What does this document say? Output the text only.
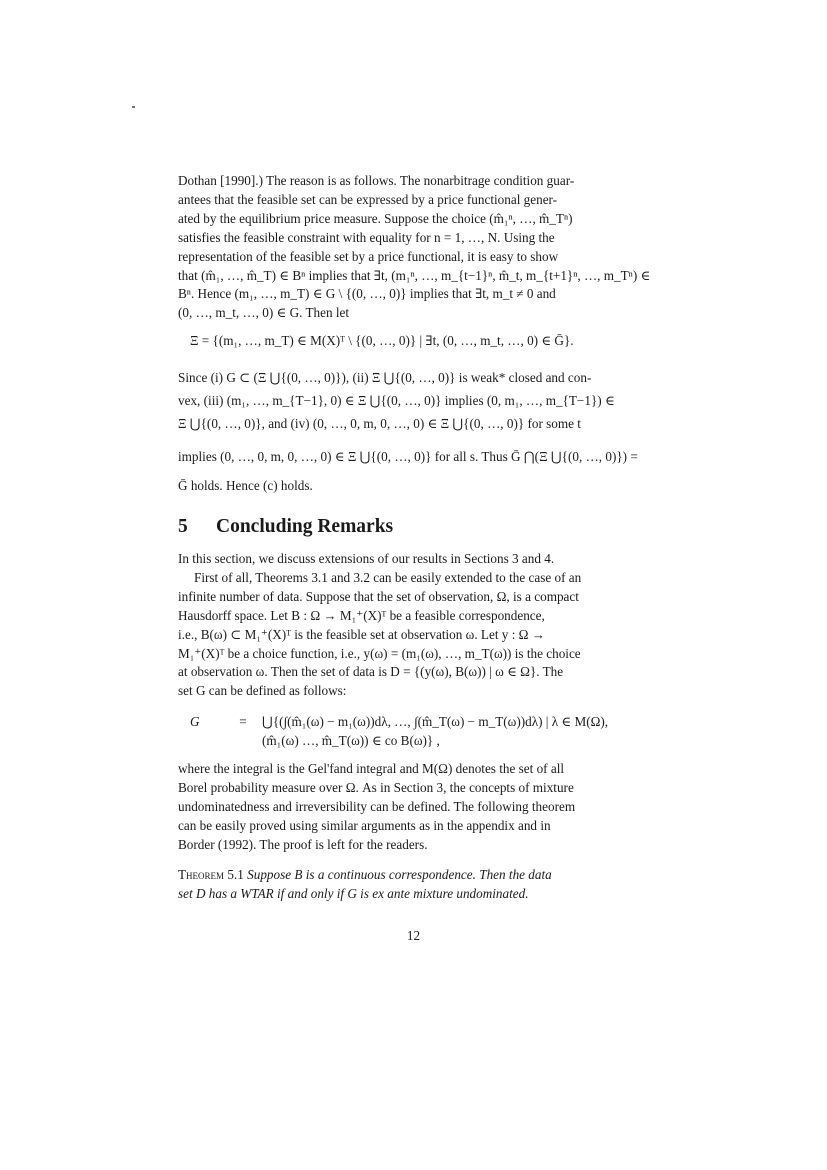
Dothan [1990].) The reason is as follows. The nonarbitrage condition guar-

antees that the feasible set can be expressed by a price functional gener-

ated by the equilibrium price measure. Suppose the choice (m̂₁ⁿ, …, m̂_Tⁿ)

satisfies the feasible constraint with equality for n = 1, …, N. Using the

representation of the feasible set by a price functional, it is easy to show

that (m̂₁, …, m̂_T) ∈ Bⁿ implies that ∃t, (m₁ⁿ, …, m_{t−1}ⁿ, m̂_t, m_{t+1}ⁿ, …, m_Tⁿ) ∈

Bⁿ. Hence (m₁, …, m_T) ∈ G \ {(0, …, 0)} implies that ∃t, m_t ≠ 0 and

(0, …, m_t, …, 0) ∈ G. Then let

Ξ = {(m₁, …, m_T) ∈ M(X)ᵀ \ {(0, …, 0)} | ∃t, (0, …, m_t, …, 0) ∈ Ḡ}.

Since (i) G ⊂ (Ξ ⋃{(0, …, 0)}), (ii) Ξ ⋃{(0, …, 0)} is weak* closed and con-

vex, (iii) (m₁, …, m_{T−1}, 0) ∈ Ξ ⋃{(0, …, 0)} implies (0, m₁, …, m_{T−1}) ∈

Ξ ⋃{(0, …, 0)}, and (iv) (0, …, 0, m, 0, …, 0) ∈ Ξ ⋃{(0, …, 0)} for some t

implies (0, …, 0, m, 0, …, 0) ∈ Ξ ⋃{(0, …, 0)} for all s. Thus Ḡ ⋂(Ξ ⋃{(0, …, 0)}) =

Ḡ holds. Hence (c) holds.

5 Concluding Remarks

In this section, we discuss extensions of our results in Sections 3 and 4.

First of all, Theorems 3.1 and 3.2 can be easily extended to the case of an

infinite number of data. Suppose that the set of observation, Ω, is a compact

Hausdorff space. Let B : Ω → M₁⁺(X)ᵀ be a feasible correspondence,

i.e., B(ω) ⊂ M₁⁺(X)ᵀ is the feasible set at observation ω. Let y : Ω →

M₁⁺(X)ᵀ be a choice function, i.e., y(ω) = (m₁(ω), …, m_T(ω)) is the choice

at observation ω. Then the set of data is D = {(y(ω), B(ω)) | ω ∈ Ω}. The

set G can be defined as follows:

G	=	⋃{(∫(m̂₁(ω) − m₁(ω))dλ, …, ∫(m̂_T(ω) − m_T(ω))dλ) | λ ∈ M(Ω),
(m̂₁(ω) …, m̂_T(ω)) ∈ co B(ω)} ,

where the integral is the Gel'fand integral and M(Ω) denotes the set of all

Borel probability measure over Ω. As in Section 3, the concepts of mixture

undominatedness and irreversibility can be defined. The following theorem

can be easily proved using similar arguments as in the appendix and in

Border (1992). The proof is left for the readers.

Theorem 5.1 Suppose B is a continuous correspondence. Then the data

set D has a WTAR if and only if G is ex ante mixture undominated.

12
